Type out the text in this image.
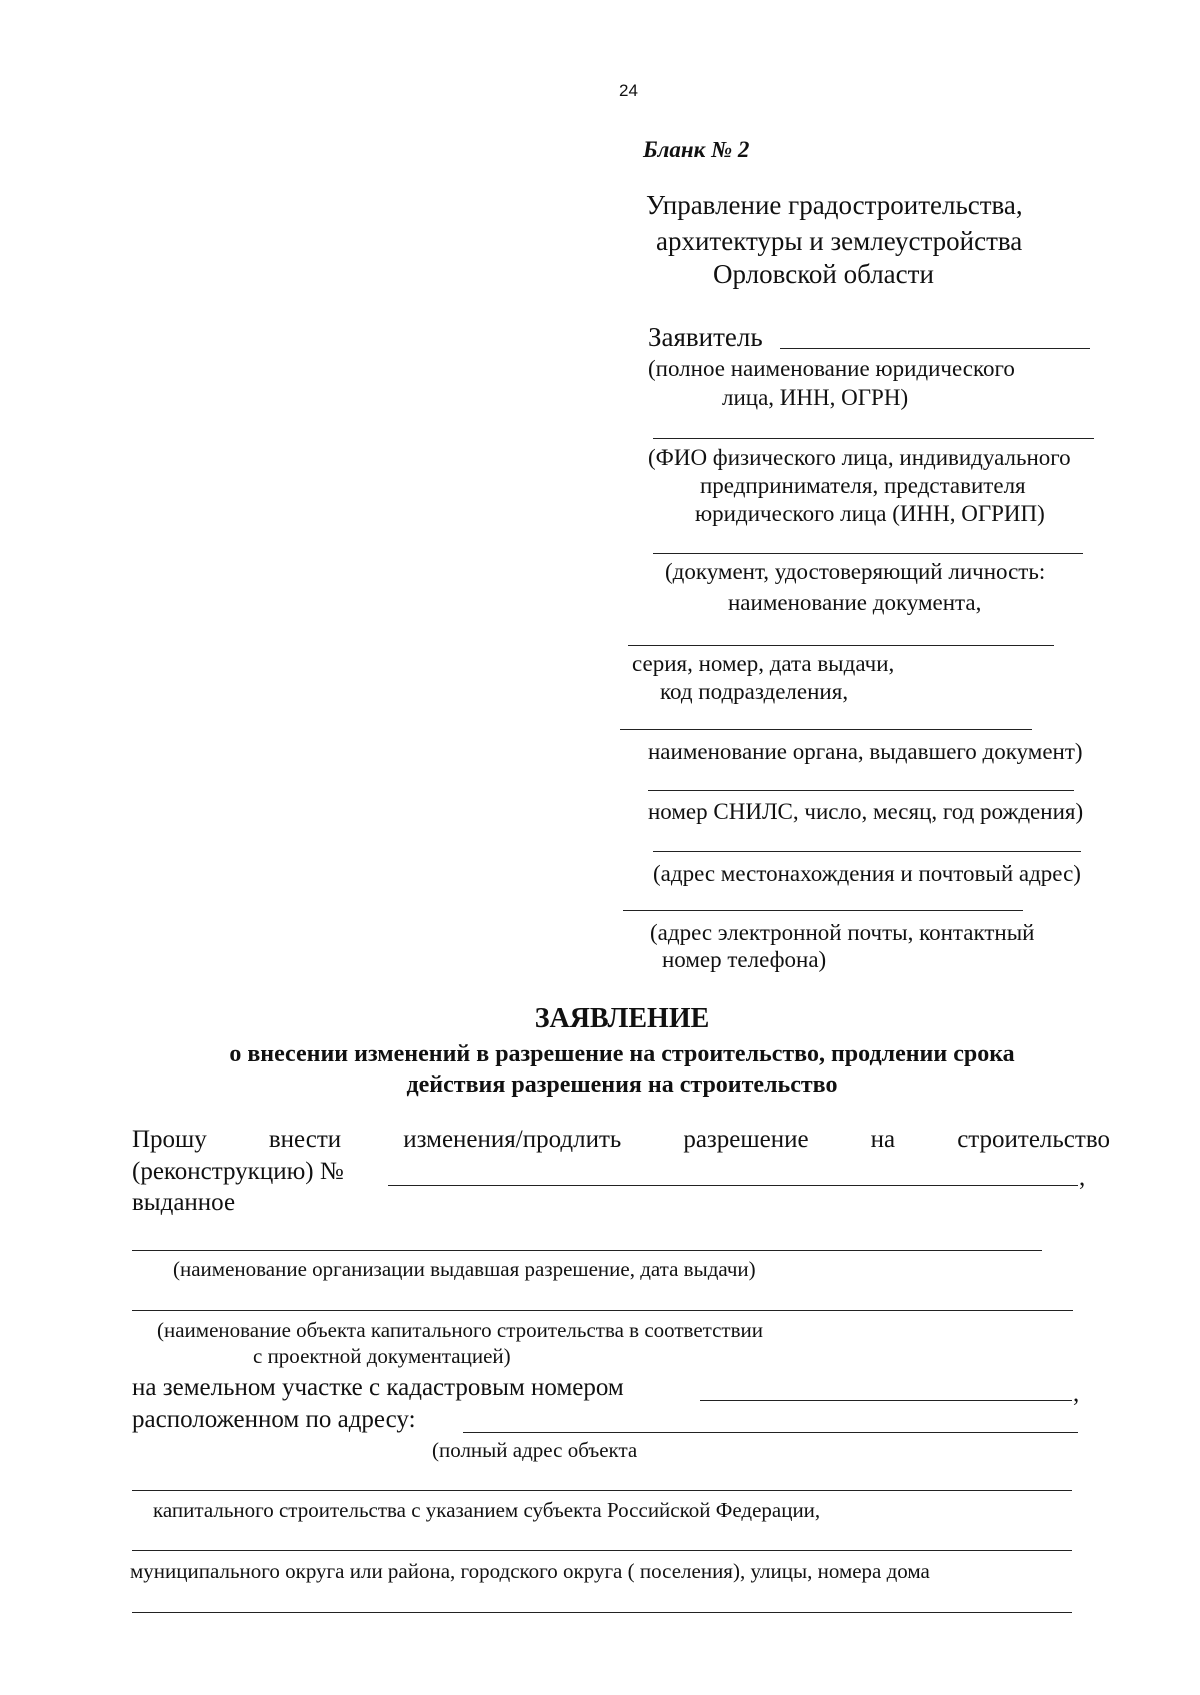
24
Бланк № 2
Управление градостроительства,
архитектуры и землеустройства
Орловской области
Заявитель
(полное наименование юридического
лица, ИНН, ОГРН)
(ФИО физического лица, индивидуального
предпринимателя, представителя
юридического лица (ИНН, ОГРИП)
(документ, удостоверяющий личность:
наименование документа,
серия, номер, дата выдачи,
код подразделения,
наименование органа, выдавшего документ)
номер СНИЛС, число, месяц, год рождения)
(адрес местонахождения и почтовый адрес)
(адрес электронной почты, контактный
номер телефона)
ЗАЯВЛЕНИЕ
о внесении изменений в разрешение на строительство, продлении срока
действия разрешения на строительство
Прошу внести изменения/продлить разрешение на строительство
(реконструкцию) №	,
выданное
(наименование организации выдавшая разрешение, дата выдачи)
(наименование объекта капитального строительства в соответствии
с проектной документацией)
на земельном участке с кадастровым номером	,
расположенном по адресу:
(полный адрес объекта
капитального строительства с указанием субъекта Российской Федерации,
муниципального округа или района, городского округа ( поселения), улицы, номера дома
